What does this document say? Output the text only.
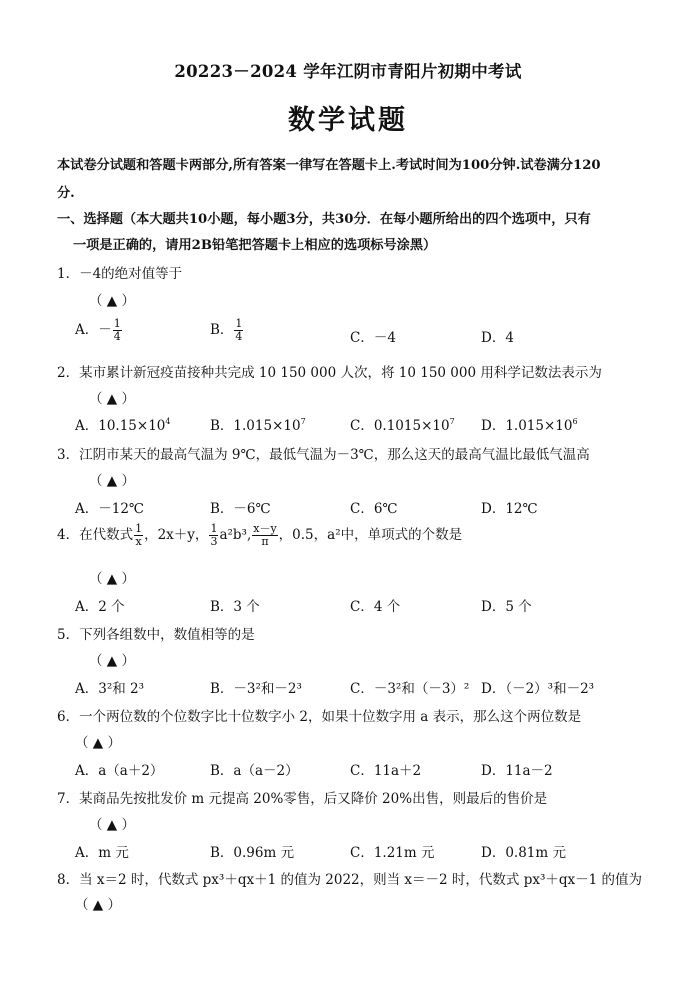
20223－2024 学年江阴市青阳片初期中考试
数学试题
本试卷分试题和答题卡两部分,所有答案一律写在答题卡上.考试时间为100分钟.试卷满分120
分.
一、选择题（本大题共10小题，每小题3分，共30分．在每小题所给出的四个选项中，只有
一项是正确的，请用2B铅笔把答题卡上相应的选项标号涂黑）
1．－4的绝对值等于
（ ▲ ）
A．－ $\frac{1}{4}$	B． $\frac{1}{4}$	C．－4	D．4
2．某市累计新冠疫苗接种共完成 10 150 000 人次，将 10 150 000 用科学记数法表示为
（ ▲ ）
A．$10.15\times 10^4$	B．$1.015\times 10^7$	C．$0.1015\times 10^7$ D．$1.015\times 10^6$
3．江阴市某天的最高气温为 9℃，最低气温为－3℃，那么这天的最高气温比最低气温高
（ ▲ ）
A．－12℃	B．－6℃	C．6℃	D．12℃
4．在代数式 $\frac{1}{x}$ ，2x＋y， $\frac{1}{3} a^2b^3$, $\frac{x-y}{\pi}$ ，0.5，a²中，单项式的个数是
（ ▲ ）
A．2 个	B．3 个	C．4 个	D．5 个
5．下列各组数中，数值相等的是
（ ▲ ）
A．3²和 2³	B．－3²和－2³	C．－3²和（－3）² D．（－2）³和－2³
6．一个两位数的个位数字比十位数字小 2，如果十位数字用 a 表示，那么这个两位数是
（ ▲ ）
A．a（a＋2）	B．a（a－2）	C．11a＋2	D．11a－2
7．某商品先按批发价 m 元提高 20%零售，后又降价 20%出售，则最后的售价是
（ ▲ ）
A．m 元	B．0.96m 元	C．1.21m 元	D．0.81m 元
8．当 x＝2 时，代数式 px³＋qx＋1 的值为 2022，则当 x＝－2 时，代数式 px³＋qx－1 的值为
（ ▲ ）
